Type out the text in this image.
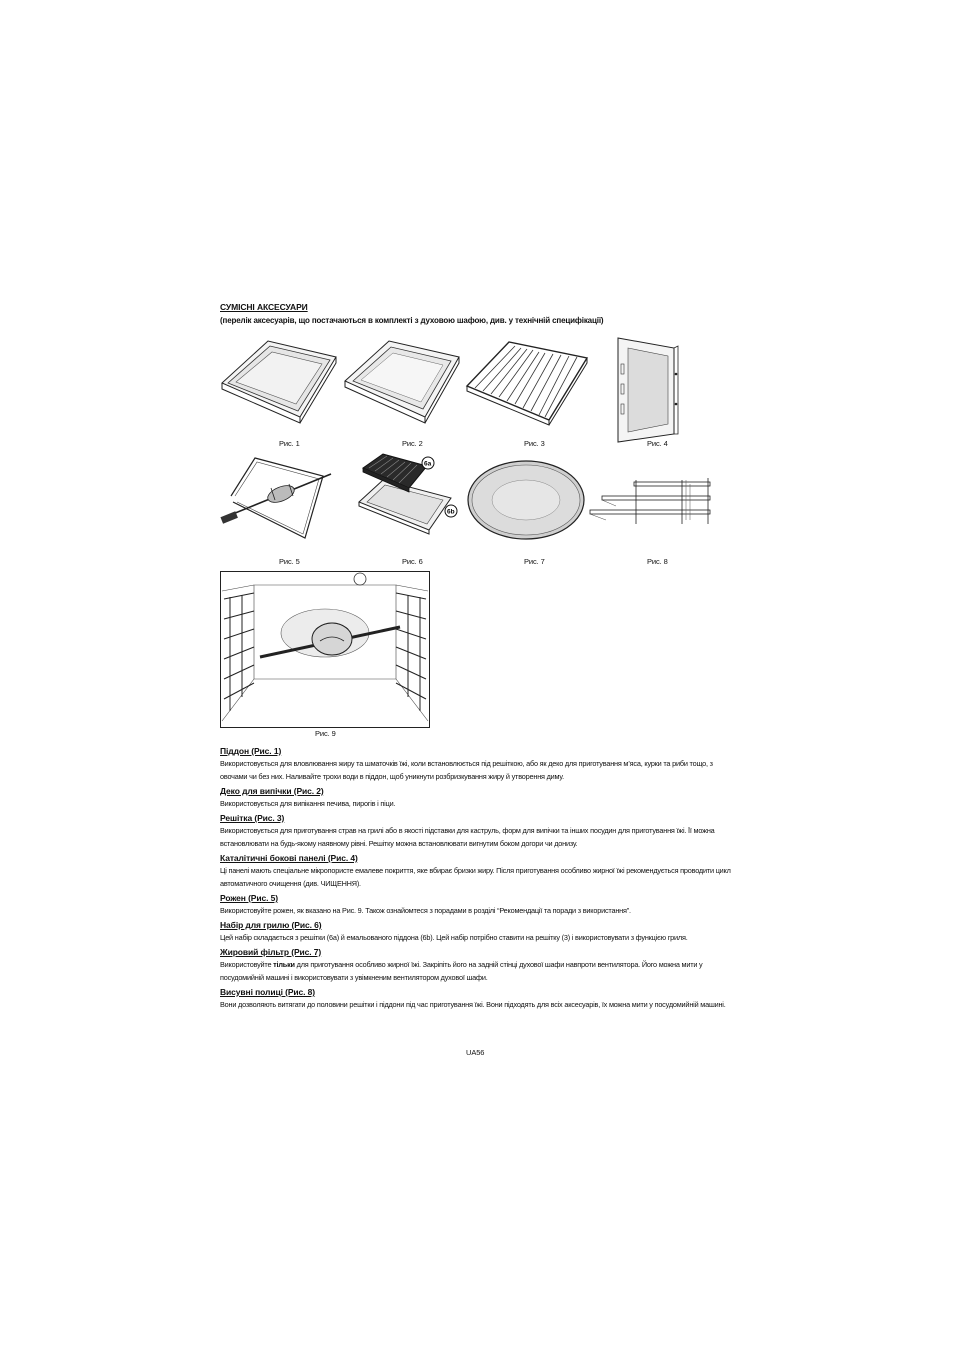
СУМІСНІ АКСЕСУАРИ
(перелік аксесуарів, що постачаються в комплекті з духовою шафою, див. у технічній специфікації)
Рис. 1	Рис. 2	Рис. 3	Рис. 4
Рис. 5
6a
6b
Рис. 6	Рис. 7	Рис. 8
Рис. 9
Піддон (Рис. 1)

Використовується для вловлювання жиру та шматочків їжі, коли встановлюється під решіткою, або як деко для приготування м’яса, курки та риби тощо, з овочами чи без них. Наливайте трохи води в піддон, щоб уникнути розбризкування жиру й утворення диму.

Деко для випічки (Рис. 2)

Використовується для випікання печива, пирогів і піци.

Решітка (Рис. 3)

Використовується для приготування страв на грилі або в якості підставки для каструль, форм для випічки та інших посудин для приготування їжі. Її можна встановлювати на будь-якому наявному рівні. Решітку можна встановлювати вигнутим боком догори чи донизу.

Каталітичні бокові панелі (Рис. 4)

Ці панелі мають спеціальне мікропористе емалеве покриття, яке вбирає бризки жиру. Після приготування особливо жирної їжі рекомендується проводити цикл автоматичного очищення (див. ЧИЩЕННЯ).

Рожен (Рис. 5)

Використовуйте рожен, як вказано на Рис. 9. Також ознайомтеся з порадами в розділі “Рекомендації та поради з використання”.

Набір для грилю (Рис. 6)

Цей набір складається з решітки (6a) й емальованого піддона (6b). Цей набір потрібно ставити на решітку (3) і використовувати з функцією гриля.

Жировий фільтр (Рис. 7)

Використовуйте тільки для приготування особливо жирної їжі. Закріпіть його на задній стінці духової шафи навпроти вентилятора. Його можна мити у посудомийній машині і використовувати з увімкненим вентилятором духової шафи.

Висувні полиці (Рис. 8)

Вони дозволяють витягати до половини решітки і піддони під час приготування їжі. Вони підходять для всіх аксесуарів, їх можна мити у посудомийній машині.

UA56
